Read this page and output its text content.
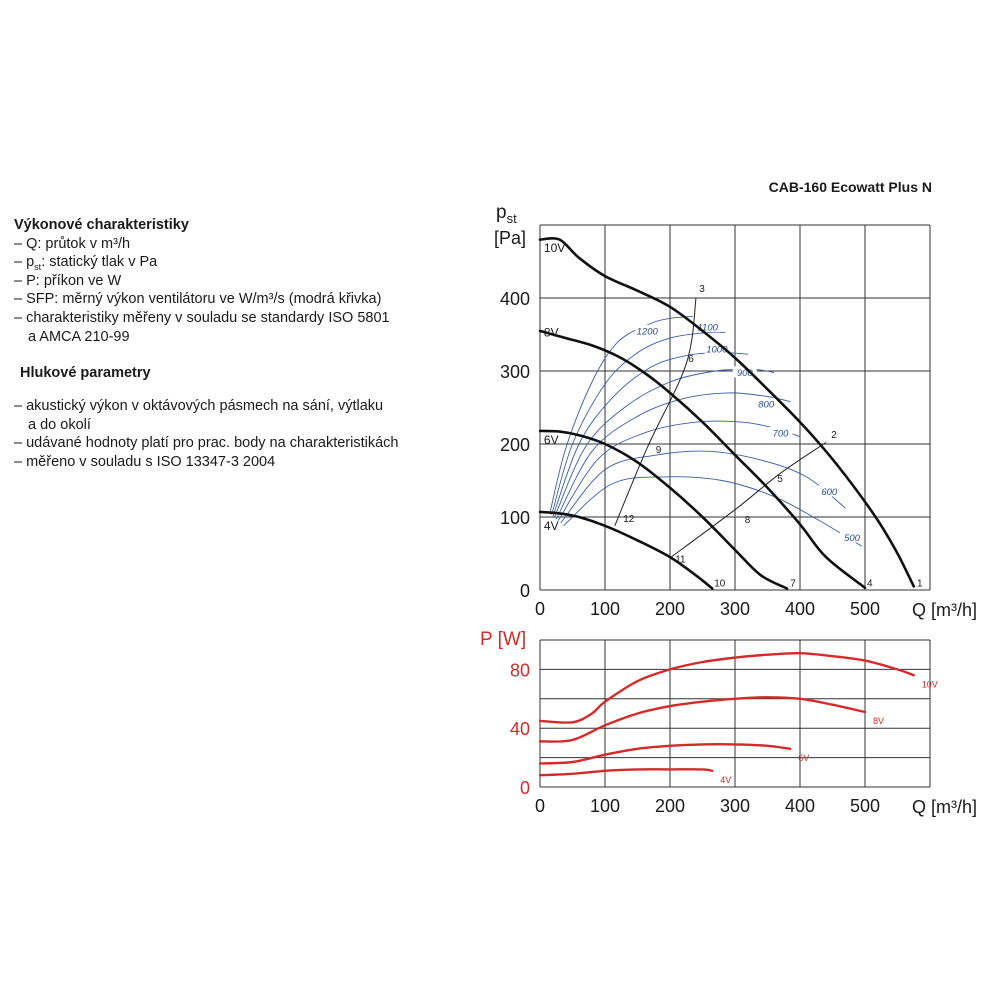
Výkonové charakteristiky

– Q: průtok v m³/h
– $p_{st}$: statický tlak v Pa
– P: příkon ve W
– SFP: měrný výkon ventilátoru ve W/m³/s (modrá křivka)
– charakteristiky měřeny v souladu se standardy ISO 5801
a AMCA 210-99

Hlukové parametry

– akustický výkon v oktávových pásmech na sání, výtlaku
a do okolí
– udávané hodnoty platí pro prac. body na charakteristikách
– měřeno v souladu s ISO 13347-3 2004
CAB-160 Ecowatt Plus N
0
100
200
300
400
0 100 200 300 400 500
$p_{st}$
[Pa]
Q [m³/h]
1200	1100
1000
900
800
700
600
500
12
9
6
3
11
8
5
2
10V
8V
6V
4V
10	7	4	1
0
40
80
0 100 200 300 400 500
P [W]
Q [m³/h]
10V
8V
6V
4V
